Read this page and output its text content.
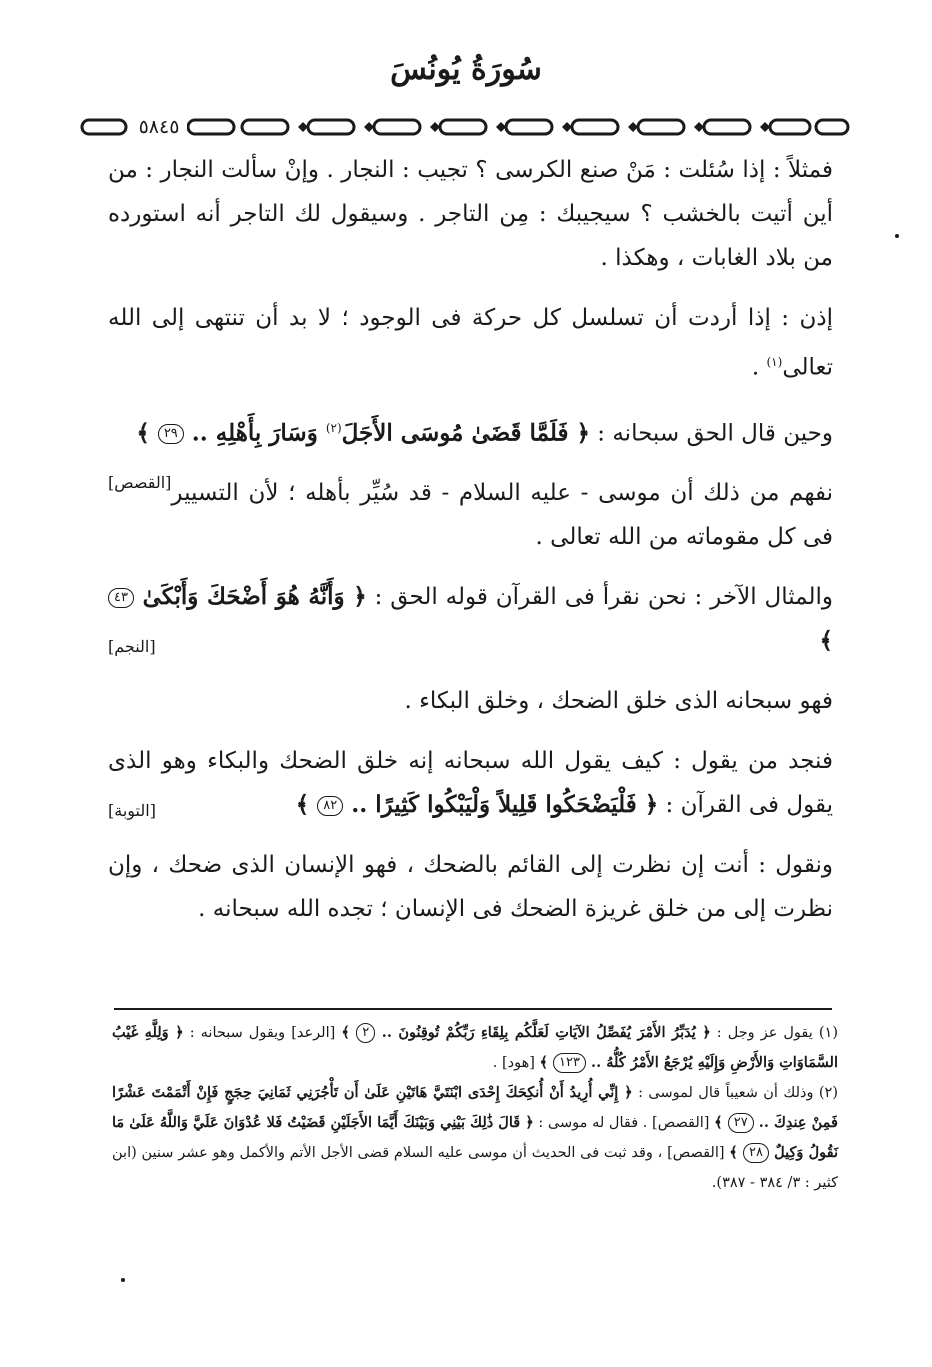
سُورَةُ يُونُسَ
٥٨٤٥

فمثلاً : إذا سُئلت : مَنْ صنع الكرسى ؟ تجيب : النجار . وإنْ سألت النجار : من أين أتيت بالخشب ؟ سيجيبك : مِن التاجر . وسيقول لك التاجر أنه استورده من بلاد الغابات ، وهكذا .

إذن : إذا أردت أن تسلسل كل حركة فى الوجود ؛ لا بد أن تنتهى إلى الله تعالى$^{(١)}$ .

وحين قال الحق سبحانه : ﴿ فَلَمَّا قَضَىٰ مُوسَى الأَجَلَ$^{(٢)}$ وَسَارَ بِأَهْلِهِ .. ٢٩ ﴾
[القصص] نفهم من ذلك أن موسى - عليه السلام - قد سُيِّر بأهله ؛ لأن التسيير فى كل مقوماته من الله تعالى .

والمثال الآخر : نحن نقرأ فى القرآن قوله الحق : ﴿ وَأَنَّهُ هُوَ أَضْحَكَ وَأَبْكَىٰ ٤٣ ﴾
[النجم]

فهو سبحانه الذى خلق الضحك ، وخلق البكاء .

فنجد من يقول : كيف يقول الله سبحانه إنه خلق الضحك والبكاء وهو الذى يقول فى القرآن : ﴿ فَلْيَضْحَكُوا قَلِيلاً وَلْيَبْكُوا كَثِيرًا .. ٨٢ ﴾
[التوبة]

ونقول : أنت إن نظرت إلى القائم بالضحك ، فهو الإنسان الذى ضحك ، وإن نظرت إلى من خلق غريزة الضحك فى الإنسان ؛ تجده الله سبحانه .

(١) يقول عز وجل : ﴿ يُدَبِّرُ الأَمْرَ يُفَصِّلُ الآيَاتِ لَعَلَّكُم بِلِقَاءِ رَبِّكُمْ تُوقِنُونَ .. ٢ ﴾ [الرعد] ويقول سبحانه : ﴿ وَلِلَّهِ غَيْبُ السَّمَاوَاتِ وَالأَرْضِ وَإِلَيْهِ يُرْجَعُ الأَمْرُ كُلُّهُ .. ١٢٣ ﴾ [هود] .

(٢) وذلك أن شعيباً قال لموسى : ﴿ إِنِّي أُرِيدُ أَنْ أُنكِحَكَ إِحْدَى ابْنَتَيَّ هَاتَيْنِ عَلَىٰ أَن تَأْجُرَنِي ثَمَانِيَ حِجَجٍ فَإِنْ أَتْمَمْتَ عَشْرًا فَمِنْ عِندِكَ .. ٢٧ ﴾ [القصص] . فقال له موسى : ﴿ قَالَ ذَٰلِكَ بَيْنِي وَبَيْنَكَ أَيَّمَا الأَجَلَيْنِ قَضَيْتُ فَلا عُدْوَانَ عَلَيَّ وَاللَّهُ عَلَىٰ مَا نَقُولُ وَكِيلٌ ٢٨ ﴾ [القصص] ، وقد ثبت فى الحديث أن موسى عليه السلام قضى الأجل الأتم والأكمل وهو عشر سنين (ابن كثير : ٣/ ٣٨٤ - ٣٨٧).
